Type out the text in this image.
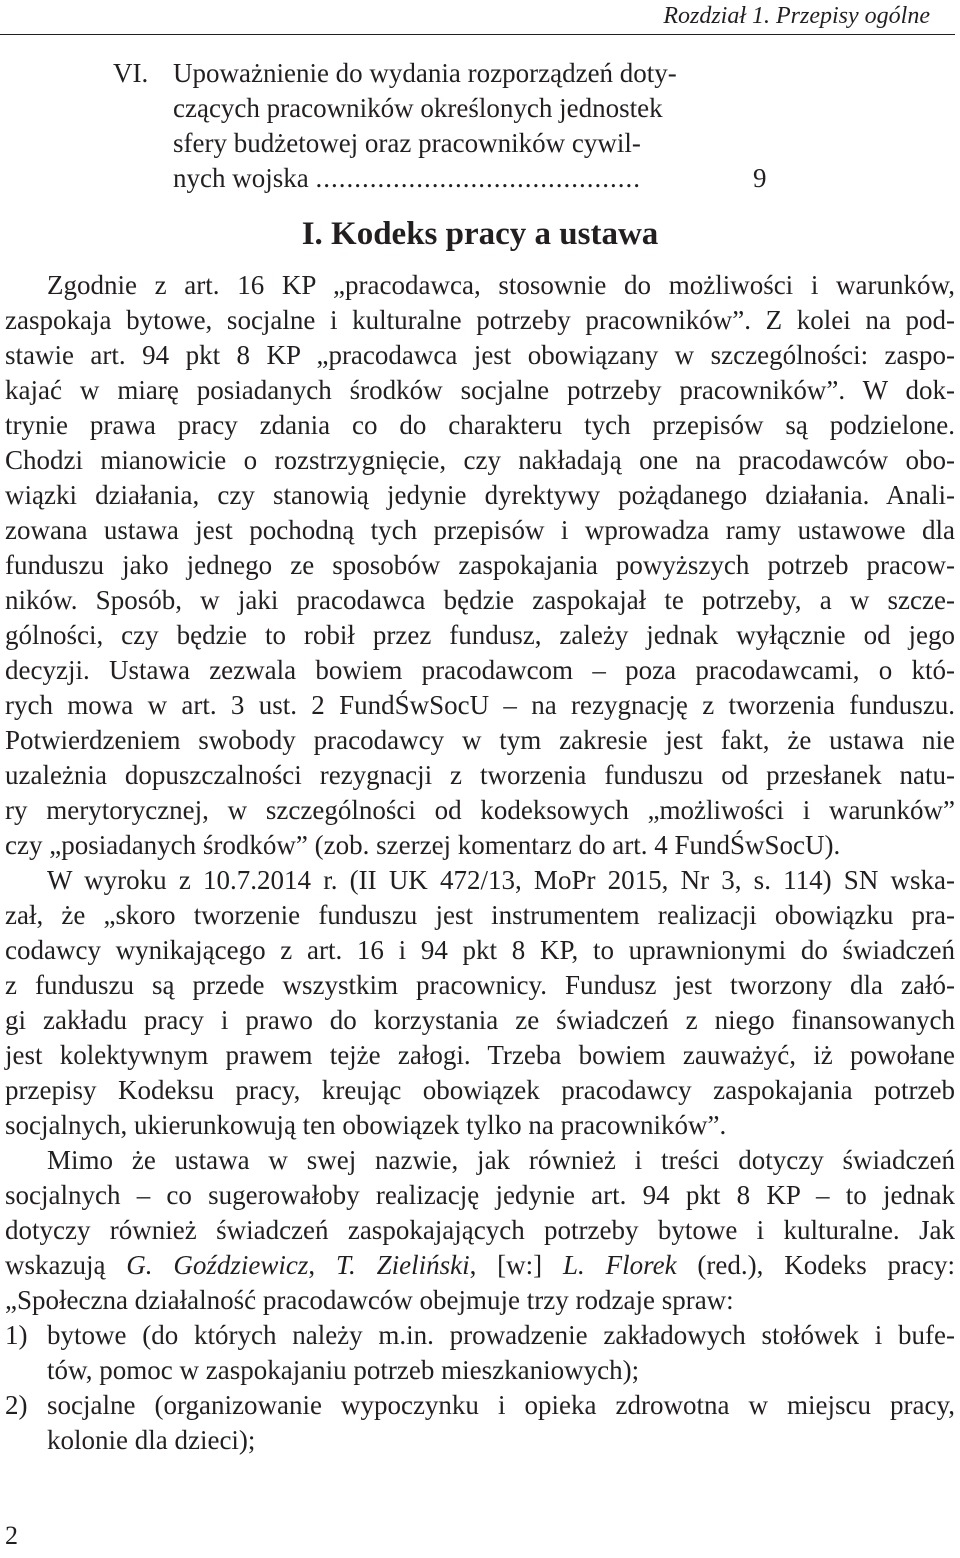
Rozdział 1. Przepisy ogólne
VI. Upoważnienie do wydania rozporządzeń doty-
czących pracowników określonych jednostek
sfery budżetowej oraz pracowników cywil-
nych wojska ..........................................	9
I. Kodeks pracy a ustawa
Zgodnie z art. 16 KP „pracodawca, stosownie do możliwości i warunków,
zaspokaja bytowe, socjalne i kulturalne potrzeby pracowników”. Z kolei na pod-
stawie art. 94 pkt 8 KP „pracodawca jest obowiązany w szczególności: zaspo-
kajać w miarę posiadanych środków socjalne potrzeby pracowników”. W dok-
trynie prawa pracy zdania co do charakteru tych przepisów są podzielone.
Chodzi mianowicie o rozstrzygnięcie, czy nakładają one na pracodawców obo-
wiązki działania, czy stanowią jedynie dyrektywy pożądanego działania. Anali-
zowana ustawa jest pochodną tych przepisów i wprowadza ramy ustawowe dla
funduszu jako jednego ze sposobów zaspokajania powyższych potrzeb pracow-
ników. Sposób, w jaki pracodawca będzie zaspokajał te potrzeby, a w szcze-
gólności, czy będzie to robił przez fundusz, zależy jednak wyłącznie od jego
decyzji. Ustawa zezwala bowiem pracodawcom – poza pracodawcami, o któ-
rych mowa w art. 3 ust. 2 FundŚwSocU – na rezygnację z tworzenia funduszu.
Potwierdzeniem swobody pracodawcy w tym zakresie jest fakt, że ustawa nie
uzależnia dopuszczalności rezygnacji z tworzenia funduszu od przesłanek natu-
ry merytorycznej, w szczególności od kodeksowych „możliwości i warunków”
czy „posiadanych środków” (zob. szerzej komentarz do art. 4 FundŚwSocU).
W wyroku z 10.7.2014 r. (II UK 472/13, MoPr 2015, Nr 3, s. 114) SN wska-
zał, że „skoro tworzenie funduszu jest instrumentem realizacji obowiązku pra-
codawcy wynikającego z art. 16 i 94 pkt 8 KP, to uprawnionymi do świadczeń
z funduszu są przede wszystkim pracownicy. Fundusz jest tworzony dla załó-
gi zakładu pracy i prawo do korzystania ze świadczeń z niego finansowanych
jest kolektywnym prawem tejże załogi. Trzeba bowiem zauważyć, iż powołane
przepisy Kodeksu pracy, kreując obowiązek pracodawcy zaspokajania potrzeb
socjalnych, ukierunkowują ten obowiązek tylko na pracowników”.
Mimo że ustawa w swej nazwie, jak również i treści dotyczy świadczeń
socjalnych – co sugerowałoby realizację jedynie art. 94 pkt 8 KP – to jednak
dotyczy również świadczeń zaspokajających potrzeby bytowe i kulturalne. Jak
wskazują G. Goździewicz, T. Zieliński, [w:] L. Florek (red.), Kodeks pracy:
„Społeczna działalność pracodawców obejmuje trzy rodzaje spraw:
1) bytowe (do których należy m.in. prowadzenie zakładowych stołówek i bufe-
tów, pomoc w zaspokajaniu potrzeb mieszkaniowych);
2) socjalne (organizowanie wypoczynku i opieka zdrowotna w miejscu pracy,
kolonie dla dzieci);
2
